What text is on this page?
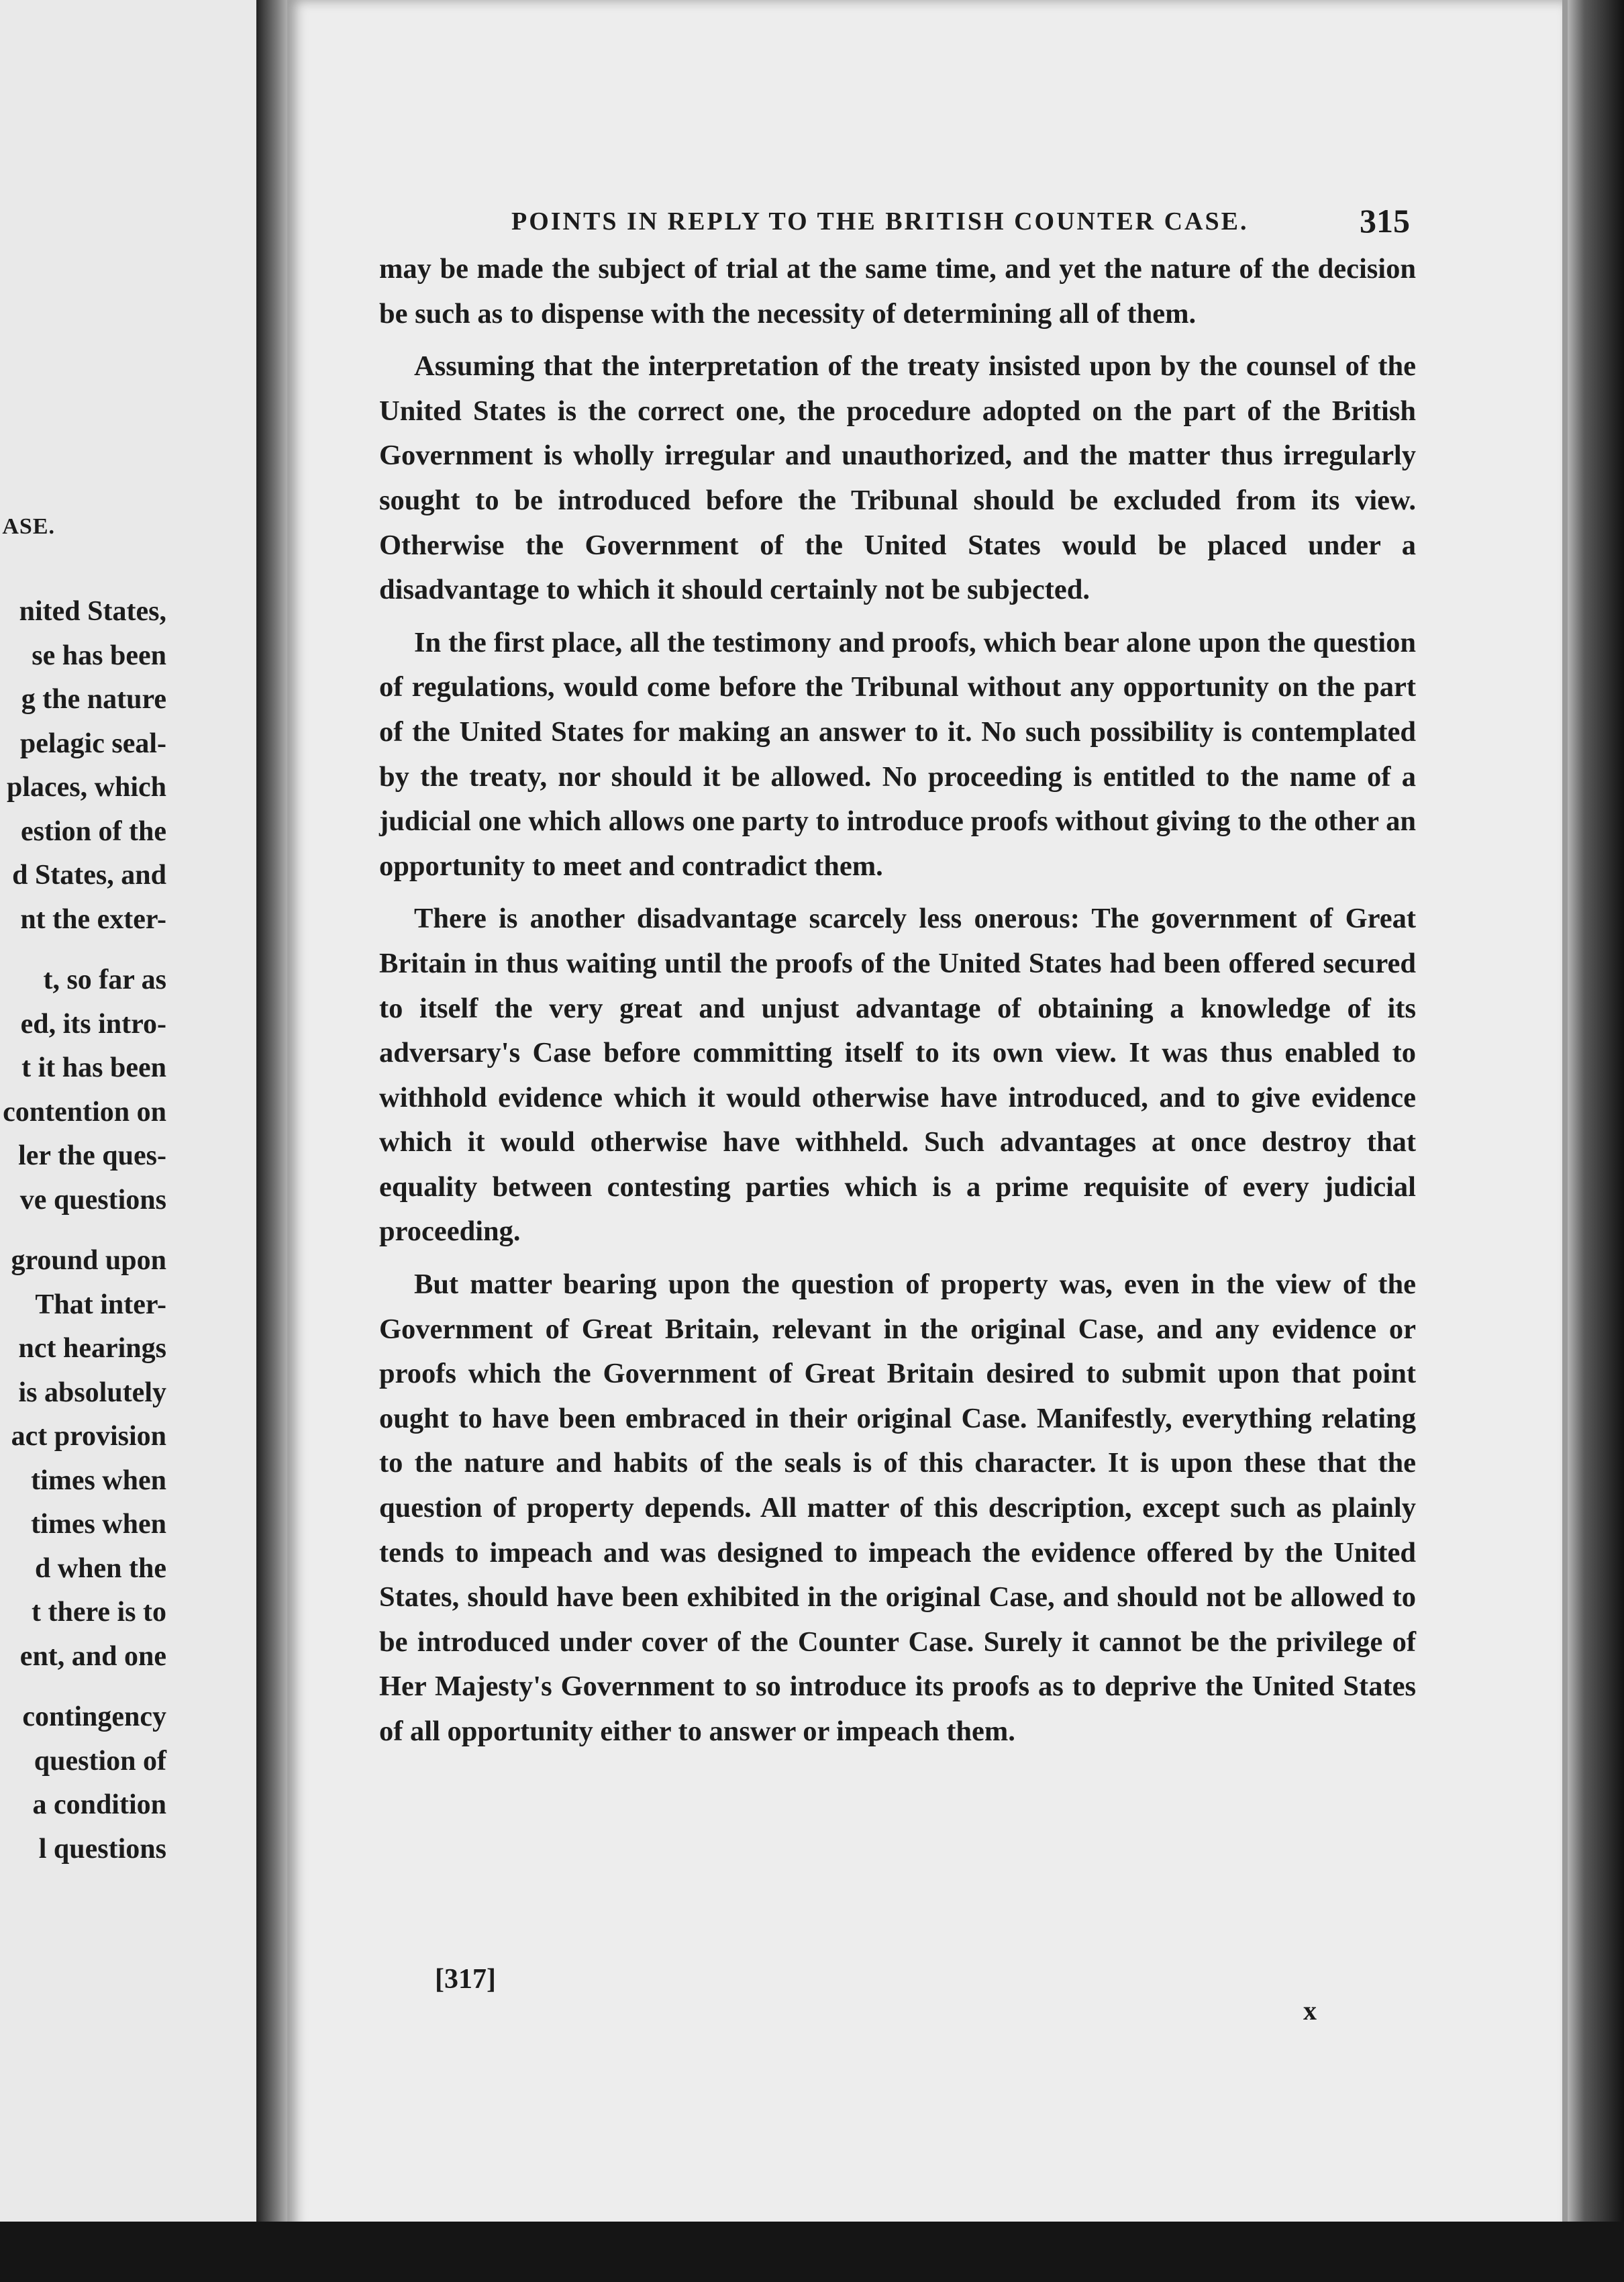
ASE.
nited States,
se has been
g the nature
pelagic seal-
places, which
estion of the
d States, and
nt the exter-
t, so far as
ed, its intro-
t it has been
contention on
ler the ques-
ve questions
ground upon
That inter-
nct hearings
is absolutely
act provision
times when
times when
d when the
t there is to
ent, and one
contingency
question of
a condition
l questions
POINTS IN REPLY TO THE BRITISH COUNTER CASE.	315

may be made the subject of trial at the same time, and yet the nature of the decision be such as to dispense with the necessity of determining all of them.

Assuming that the interpretation of the treaty insisted upon by the counsel of the United States is the correct one, the procedure adopted on the part of the British Government is wholly irregular and unauthorized, and the matter thus irregularly sought to be introduced before the Tribunal should be excluded from its view. Otherwise the Government of the United States would be placed under a disadvantage to which it should certainly not be subjected.

In the first place, all the testimony and proofs, which bear alone upon the question of regulations, would come before the Tribunal without any opportunity on the part of the United States for making an answer to it. No such possibility is contemplated by the treaty, nor should it be allowed. No proceeding is entitled to the name of a judicial one which allows one party to introduce proofs without giving to the other an opportunity to meet and contradict them.

There is another disadvantage scarcely less onerous: The government of Great Britain in thus waiting until the proofs of the United States had been offered secured to itself the very great and unjust advantage of obtaining a knowledge of its adversary's Case before committing itself to its own view. It was thus enabled to withhold evidence which it would otherwise have introduced, and to give evidence which it would otherwise have withheld. Such advantages at once destroy that equality between contesting parties which is a prime requisite of every judicial proceeding.

But matter bearing upon the question of property was, even in the view of the Government of Great Britain, relevant in the original Case, and any evidence or proofs which the Government of Great Britain desired to submit upon that point ought to have been embraced in their original Case. Manifestly, everything relating to the nature and habits of the seals is of this character. It is upon these that the question of property depends. All matter of this description, except such as plainly tends to impeach and was designed to impeach the evidence offered by the United States, should have been exhibited in the original Case, and should not be allowed to be introduced under cover of the Counter Case. Surely it cannot be the privilege of Her Majesty's Government to so introduce its proofs as to deprive the United States of all opportunity either to answer or impeach them.

[317]
x
